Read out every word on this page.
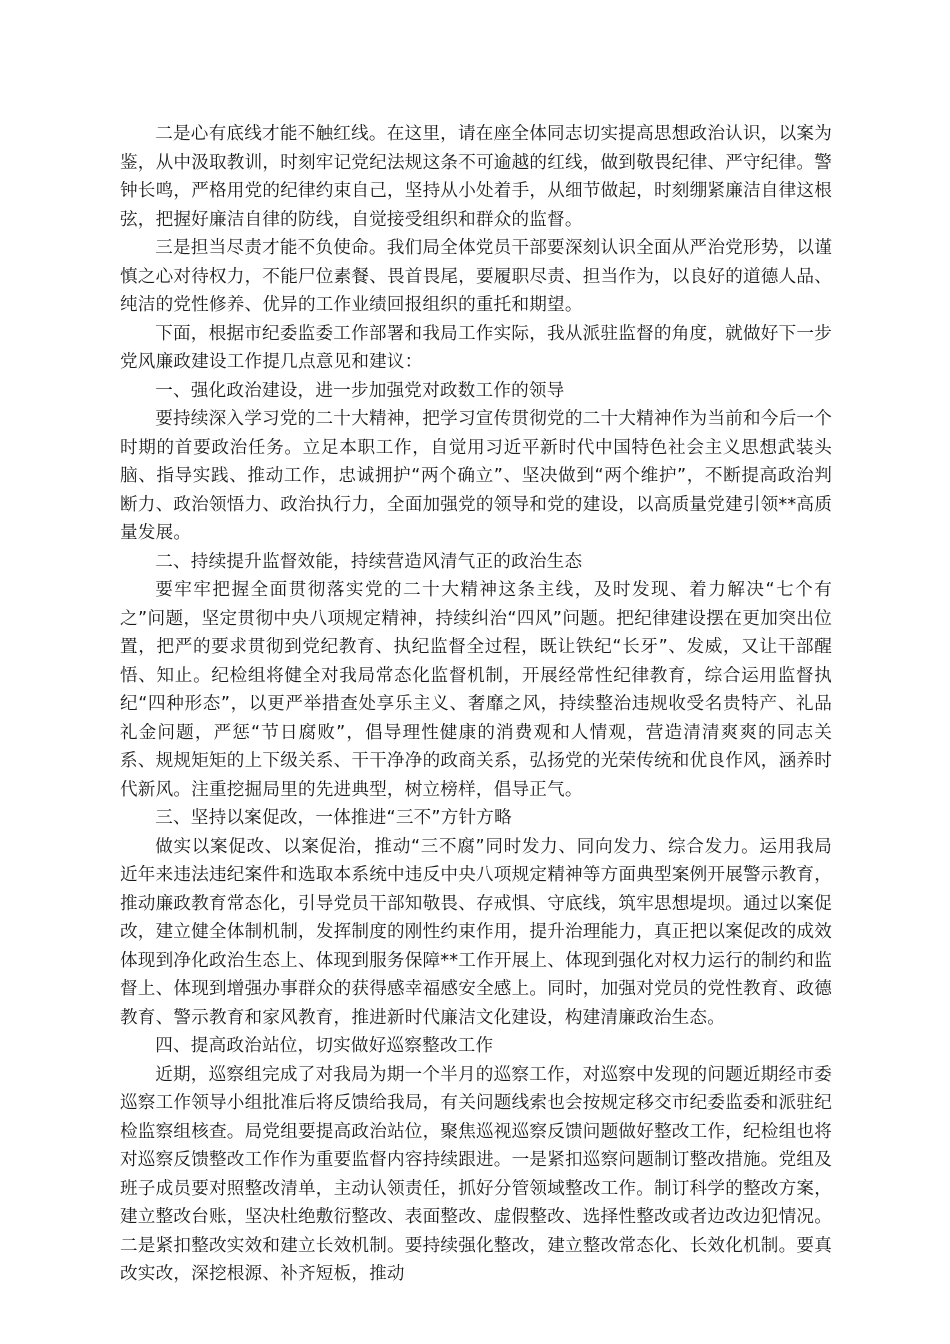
二是心有底线才能不触红线。在这里，请在座全体同志切实提高思想政治认识，以案为鉴，从中汲取教训，时刻牢记党纪法规这条不可逾越的红线，做到敬畏纪律、严守纪律。警钟长鸣，严格用党的纪律约束自己，坚持从小处着手，从细节做起，时刻绷紧廉洁自律这根弦，把握好廉洁自律的防线，自觉接受组织和群众的监督。

三是担当尽责才能不负使命。我们局全体党员干部要深刻认识全面从严治党形势，以谨慎之心对待权力，不能尸位素餐、畏首畏尾，要履职尽责、担当作为，以良好的道德人品、纯洁的党性修养、优异的工作业绩回报组织的重托和期望。

下面，根据市纪委监委工作部署和我局工作实际，我从派驻监督的角度，就做好下一步党风廉政建设工作提几点意见和建议：

一、强化政治建设，进一步加强党对政数工作的领导

要持续深入学习党的二十大精神，把学习宣传贯彻党的二十大精神作为当前和今后一个时期的首要政治任务。立足本职工作，自觉用习近平新时代中国特色社会主义思想武装头脑、指导实践、推动工作，忠诚拥护“两个确立”、坚决做到“两个维护”，不断提高政治判断力、政治领悟力、政治执行力，全面加强党的领导和党的建设，以高质量党建引领**高质量发展。

二、持续提升监督效能，持续营造风清气正的政治生态

要牢牢把握全面贯彻落实党的二十大精神这条主线，及时发现、着力解决“七个有之”问题，坚定贯彻中央八项规定精神，持续纠治“四风”问题。把纪律建设摆在更加突出位置，把严的要求贯彻到党纪教育、执纪监督全过程，既让铁纪“长牙”、发威，又让干部醒悟、知止。纪检组将健全对我局常态化监督机制，开展经常性纪律教育，综合运用监督执纪“四种形态”，以更严举措查处享乐主义、奢靡之风，持续整治违规收受名贵特产、礼品礼金问题，严惩“节日腐败”，倡导理性健康的消费观和人情观，营造清清爽爽的同志关系、规规矩矩的上下级关系、干干净净的政商关系，弘扬党的光荣传统和优良作风，涵养时代新风。注重挖掘局里的先进典型，树立榜样，倡导正气。

三、坚持以案促改，一体推进“三不”方针方略

做实以案促改、以案促治，推动“三不腐”同时发力、同向发力、综合发力。运用我局近年来违法违纪案件和选取本系统中违反中央八项规定精神等方面典型案例开展警示教育，推动廉政教育常态化，引导党员干部知敬畏、存戒惧、守底线，筑牢思想堤坝。通过以案促改，建立健全体制机制，发挥制度的刚性约束作用，提升治理能力，真正把以案促改的成效体现到净化政治生态上、体现到服务保障**工作开展上、体现到强化对权力运行的制约和监督上、体现到增强办事群众的获得感幸福感安全感上。同时，加强对党员的党性教育、政德教育、警示教育和家风教育，推进新时代廉洁文化建设，构建清廉政治生态。

四、提高政治站位，切实做好巡察整改工作

近期，巡察组完成了对我局为期一个半月的巡察工作，对巡察中发现的问题近期经市委巡察工作领导小组批准后将反馈给我局，有关问题线索也会按规定移交市纪委监委和派驻纪检监察组核查。局党组要提高政治站位，聚焦巡视巡察反馈问题做好整改工作，纪检组也将对巡察反馈整改工作作为重要监督内容持续跟进。一是紧扣巡察问题制订整改措施。党组及班子成员要对照整改清单，主动认领责任，抓好分管领域整改工作。制订科学的整改方案，建立整改台账，坚决杜绝敷衍整改、表面整改、虚假整改、选择性整改或者边改边犯情况。二是紧扣整改实效和建立长效机制。要持续强化整改，建立整改常态化、长效化机制。要真改实改，深挖根源、补齐短板，推动
